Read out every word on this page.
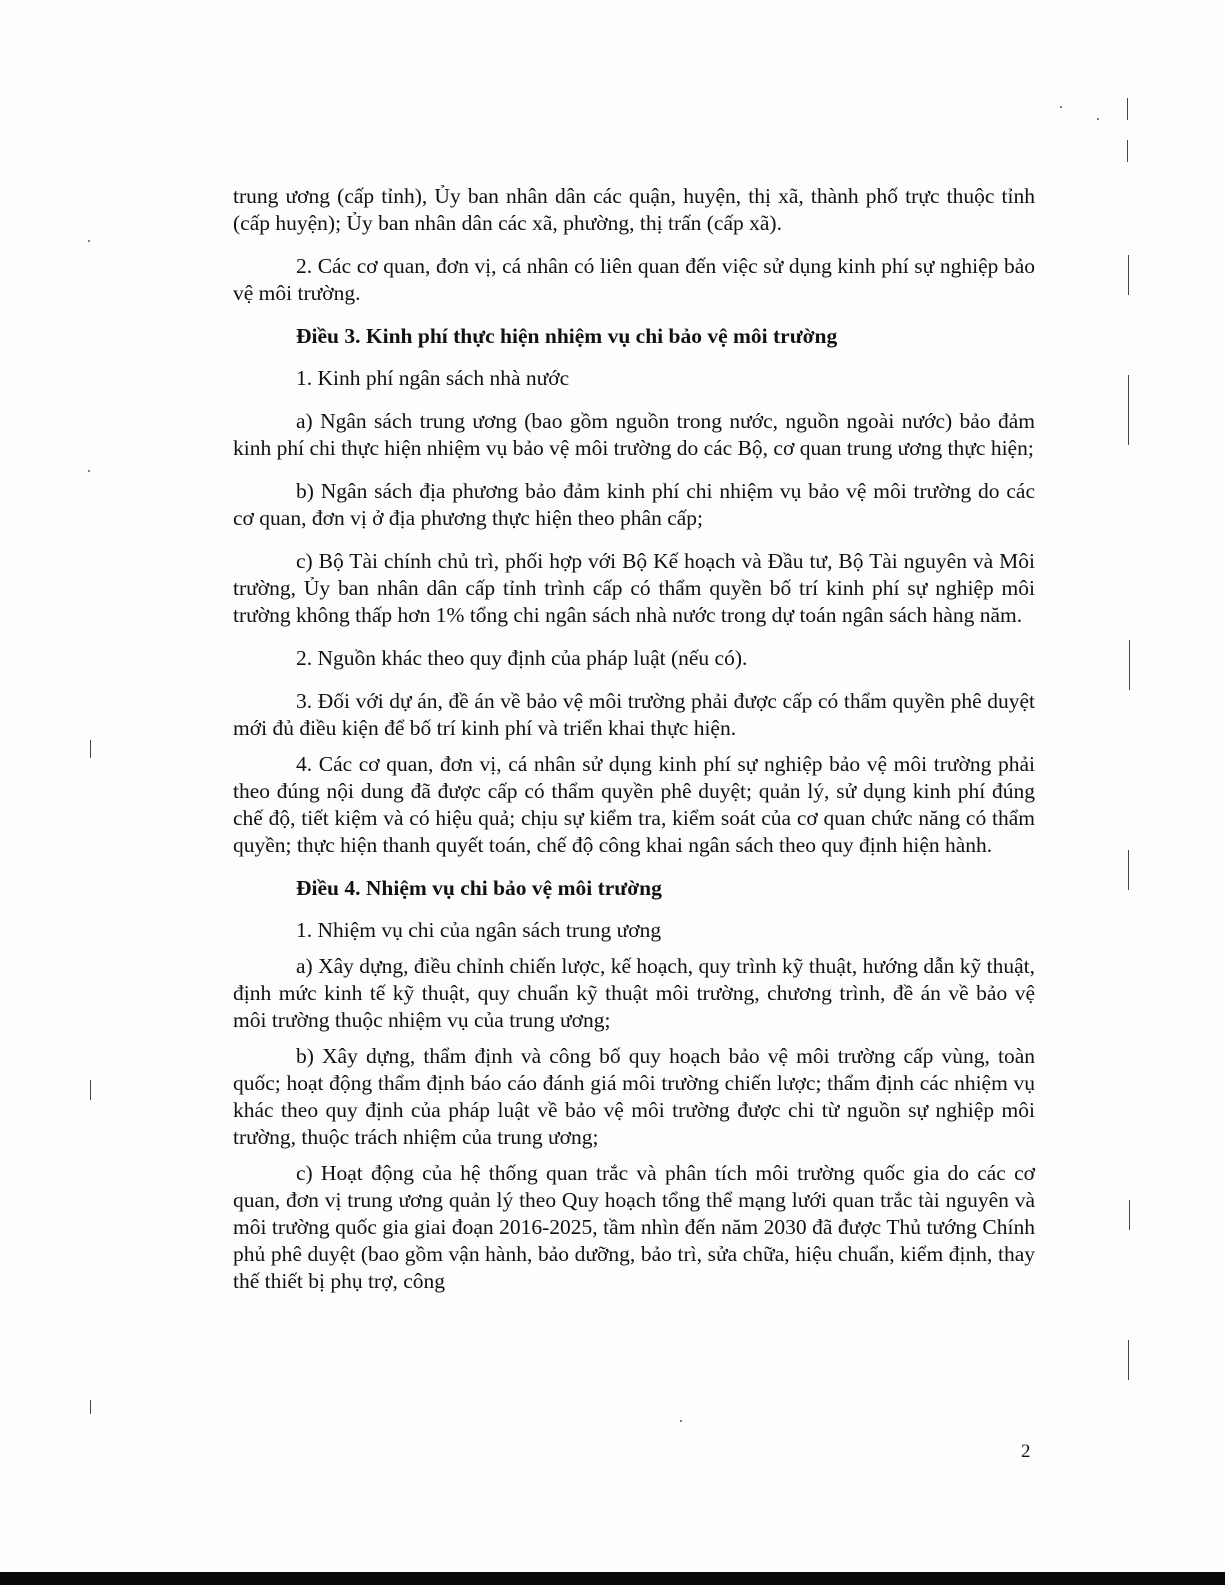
trung ương (cấp tỉnh), Ủy ban nhân dân các quận, huyện, thị xã, thành phố trực thuộc tỉnh (cấp huyện); Ủy ban nhân dân các xã, phường, thị trấn (cấp xã).

2. Các cơ quan, đơn vị, cá nhân có liên quan đến việc sử dụng kinh phí sự nghiệp bảo vệ môi trường.

Điều 3. Kinh phí thực hiện nhiệm vụ chi bảo vệ môi trường

1. Kinh phí ngân sách nhà nước

a) Ngân sách trung ương (bao gồm nguồn trong nước, nguồn ngoài nước) bảo đảm kinh phí chi thực hiện nhiệm vụ bảo vệ môi trường do các Bộ, cơ quan trung ương thực hiện;

b) Ngân sách địa phương bảo đảm kinh phí chi nhiệm vụ bảo vệ môi trường do các cơ quan, đơn vị ở địa phương thực hiện theo phân cấp;

c) Bộ Tài chính chủ trì, phối hợp với Bộ Kế hoạch và Đầu tư, Bộ Tài nguyên và Môi trường, Ủy ban nhân dân cấp tỉnh trình cấp có thẩm quyền bố trí kinh phí sự nghiệp môi trường không thấp hơn 1% tổng chi ngân sách nhà nước trong dự toán ngân sách hàng năm.

2. Nguồn khác theo quy định của pháp luật (nếu có).

3. Đối với dự án, đề án về bảo vệ môi trường phải được cấp có thẩm quyền phê duyệt mới đủ điều kiện để bố trí kinh phí và triển khai thực hiện.

4. Các cơ quan, đơn vị, cá nhân sử dụng kinh phí sự nghiệp bảo vệ môi trường phải theo đúng nội dung đã được cấp có thẩm quyền phê duyệt; quản lý, sử dụng kinh phí đúng chế độ, tiết kiệm và có hiệu quả; chịu sự kiểm tra, kiểm soát của cơ quan chức năng có thẩm quyền; thực hiện thanh quyết toán, chế độ công khai ngân sách theo quy định hiện hành.

Điều 4. Nhiệm vụ chi bảo vệ môi trường

1. Nhiệm vụ chi của ngân sách trung ương

a) Xây dựng, điều chỉnh chiến lược, kế hoạch, quy trình kỹ thuật, hướng dẫn kỹ thuật, định mức kinh tế kỹ thuật, quy chuẩn kỹ thuật môi trường, chương trình, đề án về bảo vệ môi trường thuộc nhiệm vụ của trung ương;

b) Xây dựng, thẩm định và công bố quy hoạch bảo vệ môi trường cấp vùng, toàn quốc; hoạt động thẩm định báo cáo đánh giá môi trường chiến lược; thẩm định các nhiệm vụ khác theo quy định của pháp luật về bảo vệ môi trường được chi từ nguồn sự nghiệp môi trường, thuộc trách nhiệm của trung ương;

c) Hoạt động của hệ thống quan trắc và phân tích môi trường quốc gia do các cơ quan, đơn vị trung ương quản lý theo Quy hoạch tổng thể mạng lưới quan trắc tài nguyên và môi trường quốc gia giai đoạn 2016-2025, tầm nhìn đến năm 2030 đã được Thủ tướng Chính phủ phê duyệt (bao gồm vận hành, bảo dưỡng, bảo trì, sửa chữa, hiệu chuẩn, kiểm định, thay thế thiết bị phụ trợ, công

2
